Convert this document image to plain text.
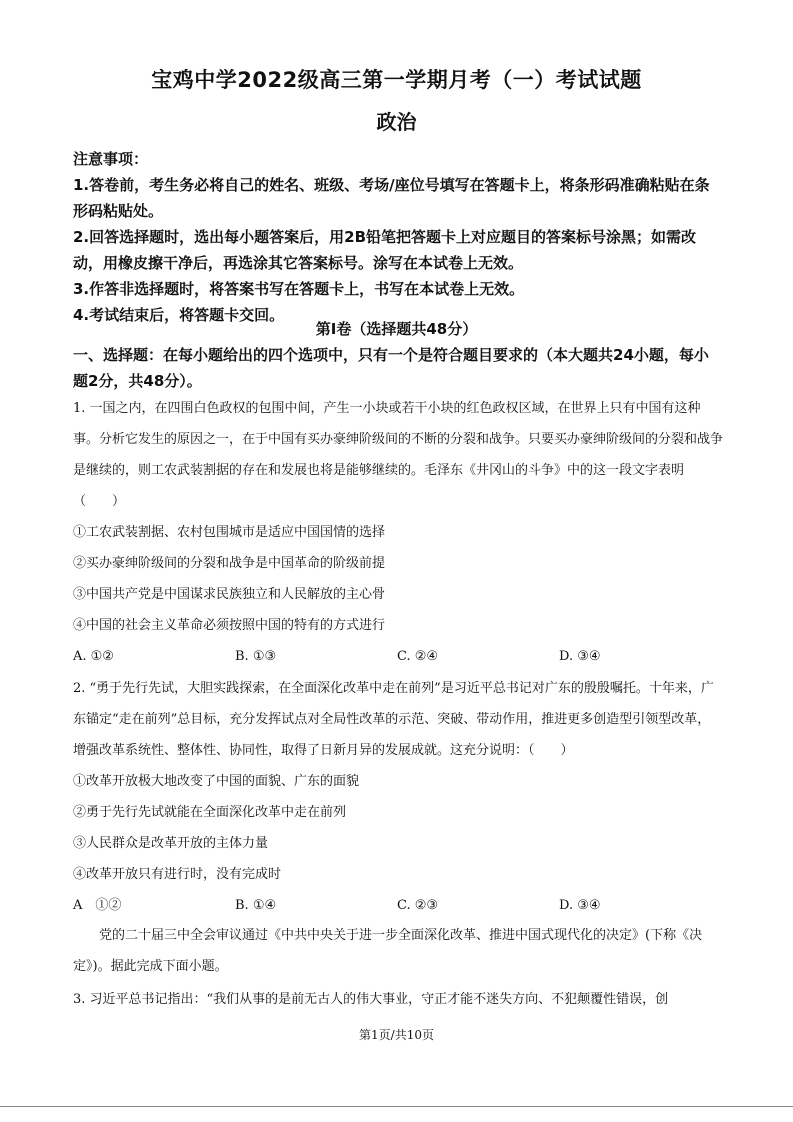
宝鸡中学2022级高三第一学期月考（一）考试试题
政治
注意事项：
1.答卷前，考生务必将自己的姓名、班级、考场/座位号填写在答题卡上，将条形码准确粘贴在条形码粘贴处。
2.回答选择题时，选出每小题答案后，用2B铅笔把答题卡上对应题目的答案标号涂黑；如需改动，用橡皮擦干净后，再选涂其它答案标号。涂写在本试卷上无效。
3.作答非选择题时，将答案书写在答题卡上，书写在本试卷上无效。
4.考试结束后，将答题卡交回。
第Ⅰ卷（选择题共48分）
一、选择题：在每小题给出的四个选项中，只有一个是符合题目要求的（本大题共24小题，每小题2分，共48分）。
1. 一国之内，在四围白色政权的包围中间，产生一小块或若干小块的红色政权区域，在世界上只有中国有这种事。分析它发生的原因之一，在于中国有买办豪绅阶级间的不断的分裂和战争。只要买办豪绅阶级间的分裂和战争是继续的，则工农武装割据的存在和发展也将是能够继续的。毛泽东《井冈山的斗争》中的这一段文字表明（　　）
①工农武装割据、农村包围城市是适应中国国情的选择
②买办豪绅阶级间的分裂和战争是中国革命的阶级前提
③中国共产党是中国谋求民族独立和人民解放的主心骨
④中国的社会主义革命必须按照中国的特有的方式进行
A. ①②	B. ①③	C. ②④	D. ③④
2. “勇于先行先试，大胆实践探索，在全面深化改革中走在前列”是习近平总书记对广东的殷殷嘱托。十年来，广东锚定“走在前列”总目标，充分发挥试点对全局性改革的示范、突破、带动作用，推进更多创造型引领型改革，增强改革系统性、整体性、协同性，取得了日新月异的发展成就。这充分说明：（　　）
①改革开放极大地改变了中国的面貌、广东的面貌
②勇于先行先试就能在全面深化改革中走在前列
③人民群众是改革开放的主体力量
④改革开放只有进行时，没有完成时
A　①②	B. ①④	C. ②③	D. ③④
党的二十届三中全会审议通过《中共中央关于进一步全面深化改革、推进中国式现代化的决定》(下称《决定》)。据此完成下面小题。
3. 习近平总书记指出：“我们从事的是前无古人的伟大事业，守正才能不迷失方向、不犯颠覆性错误，创
第1页/共10页
